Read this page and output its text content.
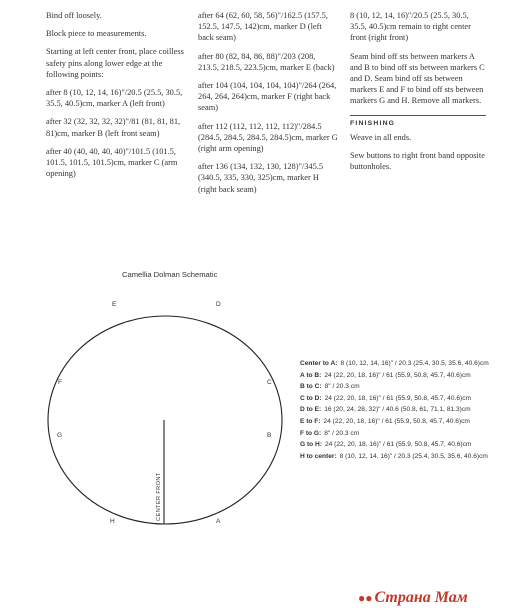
Bind off loosely.

Block piece to measurements.

Starting at left center front, place coilless safety pins along lower edge at the following points:

after 8 (10, 12, 14, 16)"/20.5 (25.5, 30.5, 35.5, 40.5)cm, marker A (left front)

after 32 (32, 32, 32, 32)"/81 (81, 81, 81, 81)cm, marker B (left front seam)

after 40 (40, 40, 40, 40)"/101.5 (101.5, 101.5, 101.5, 101.5)cm, marker C (arm opening)

after 64 (62, 60, 58, 56)"/162.5 (157.5, 152.5, 147.5, 142)cm, marker D (left back seam)

after 80 (82, 84, 86, 88)"/203 (208, 213.5, 218.5, 223.5)cm, marker E (back)

after 104 (104, 104, 104, 104)"/264 (264, 264, 264, 264)cm, marker F (right back seam)

after 112 (112, 112, 112, 112)"/284.5 (284.5, 284.5, 284.5, 284.5)cm, marker G (right arm opening)

after 136 (134, 132, 130, 128)"/345.5 (340.5, 335, 330, 325)cm, marker H (right back seam)

8 (10, 12, 14, 16)"/20.5 (25.5, 30.5, 35.5, 40.5)cm remain to right center front (right front)

Seam bind off sts between markers A and B to bind off sts between markers C and D. Seam bind off sts between markers E and F to bind off sts between markers G and H. Remove all markers.

FINISHING

Weave in all ends.

Sew buttons to right front band opposite buttonholes.

Camellia Dolman Schematic
CENTER FRONT
E	D
F	C
G	B
H	A
Center to A: 8 (10, 12, 14, 16)" / 20.3 (25.4, 30.5, 35.6, 40.6)cm
A to B: 24 (22, 20, 18, 16)" / 61 (55.9, 50.8, 45.7, 40.6)cm
B to C: 8" / 20.3 cm
C to D: 24 (22, 20, 18, 16)" / 61 (55.9, 50.8, 45.7, 40.6)cm
D to E: 16 (20, 24, 28, 32)" / 40.6 (50.8, 61, 71.1, 81.3)cm
E to F: 24 (22, 20, 18, 16)" / 61 (55.9, 50.8, 45.7, 40.6)cm
F to G: 8" / 20.3 cm
G to H: 24 (22, 20, 18, 16)" / 61 (55.9, 50.8, 45.7, 40.6)cm
H to center: 8 (10, 12, 14, 16)" / 20.3 (25.4, 30.5, 35.6, 40.6)cm
●● Страна Мам
